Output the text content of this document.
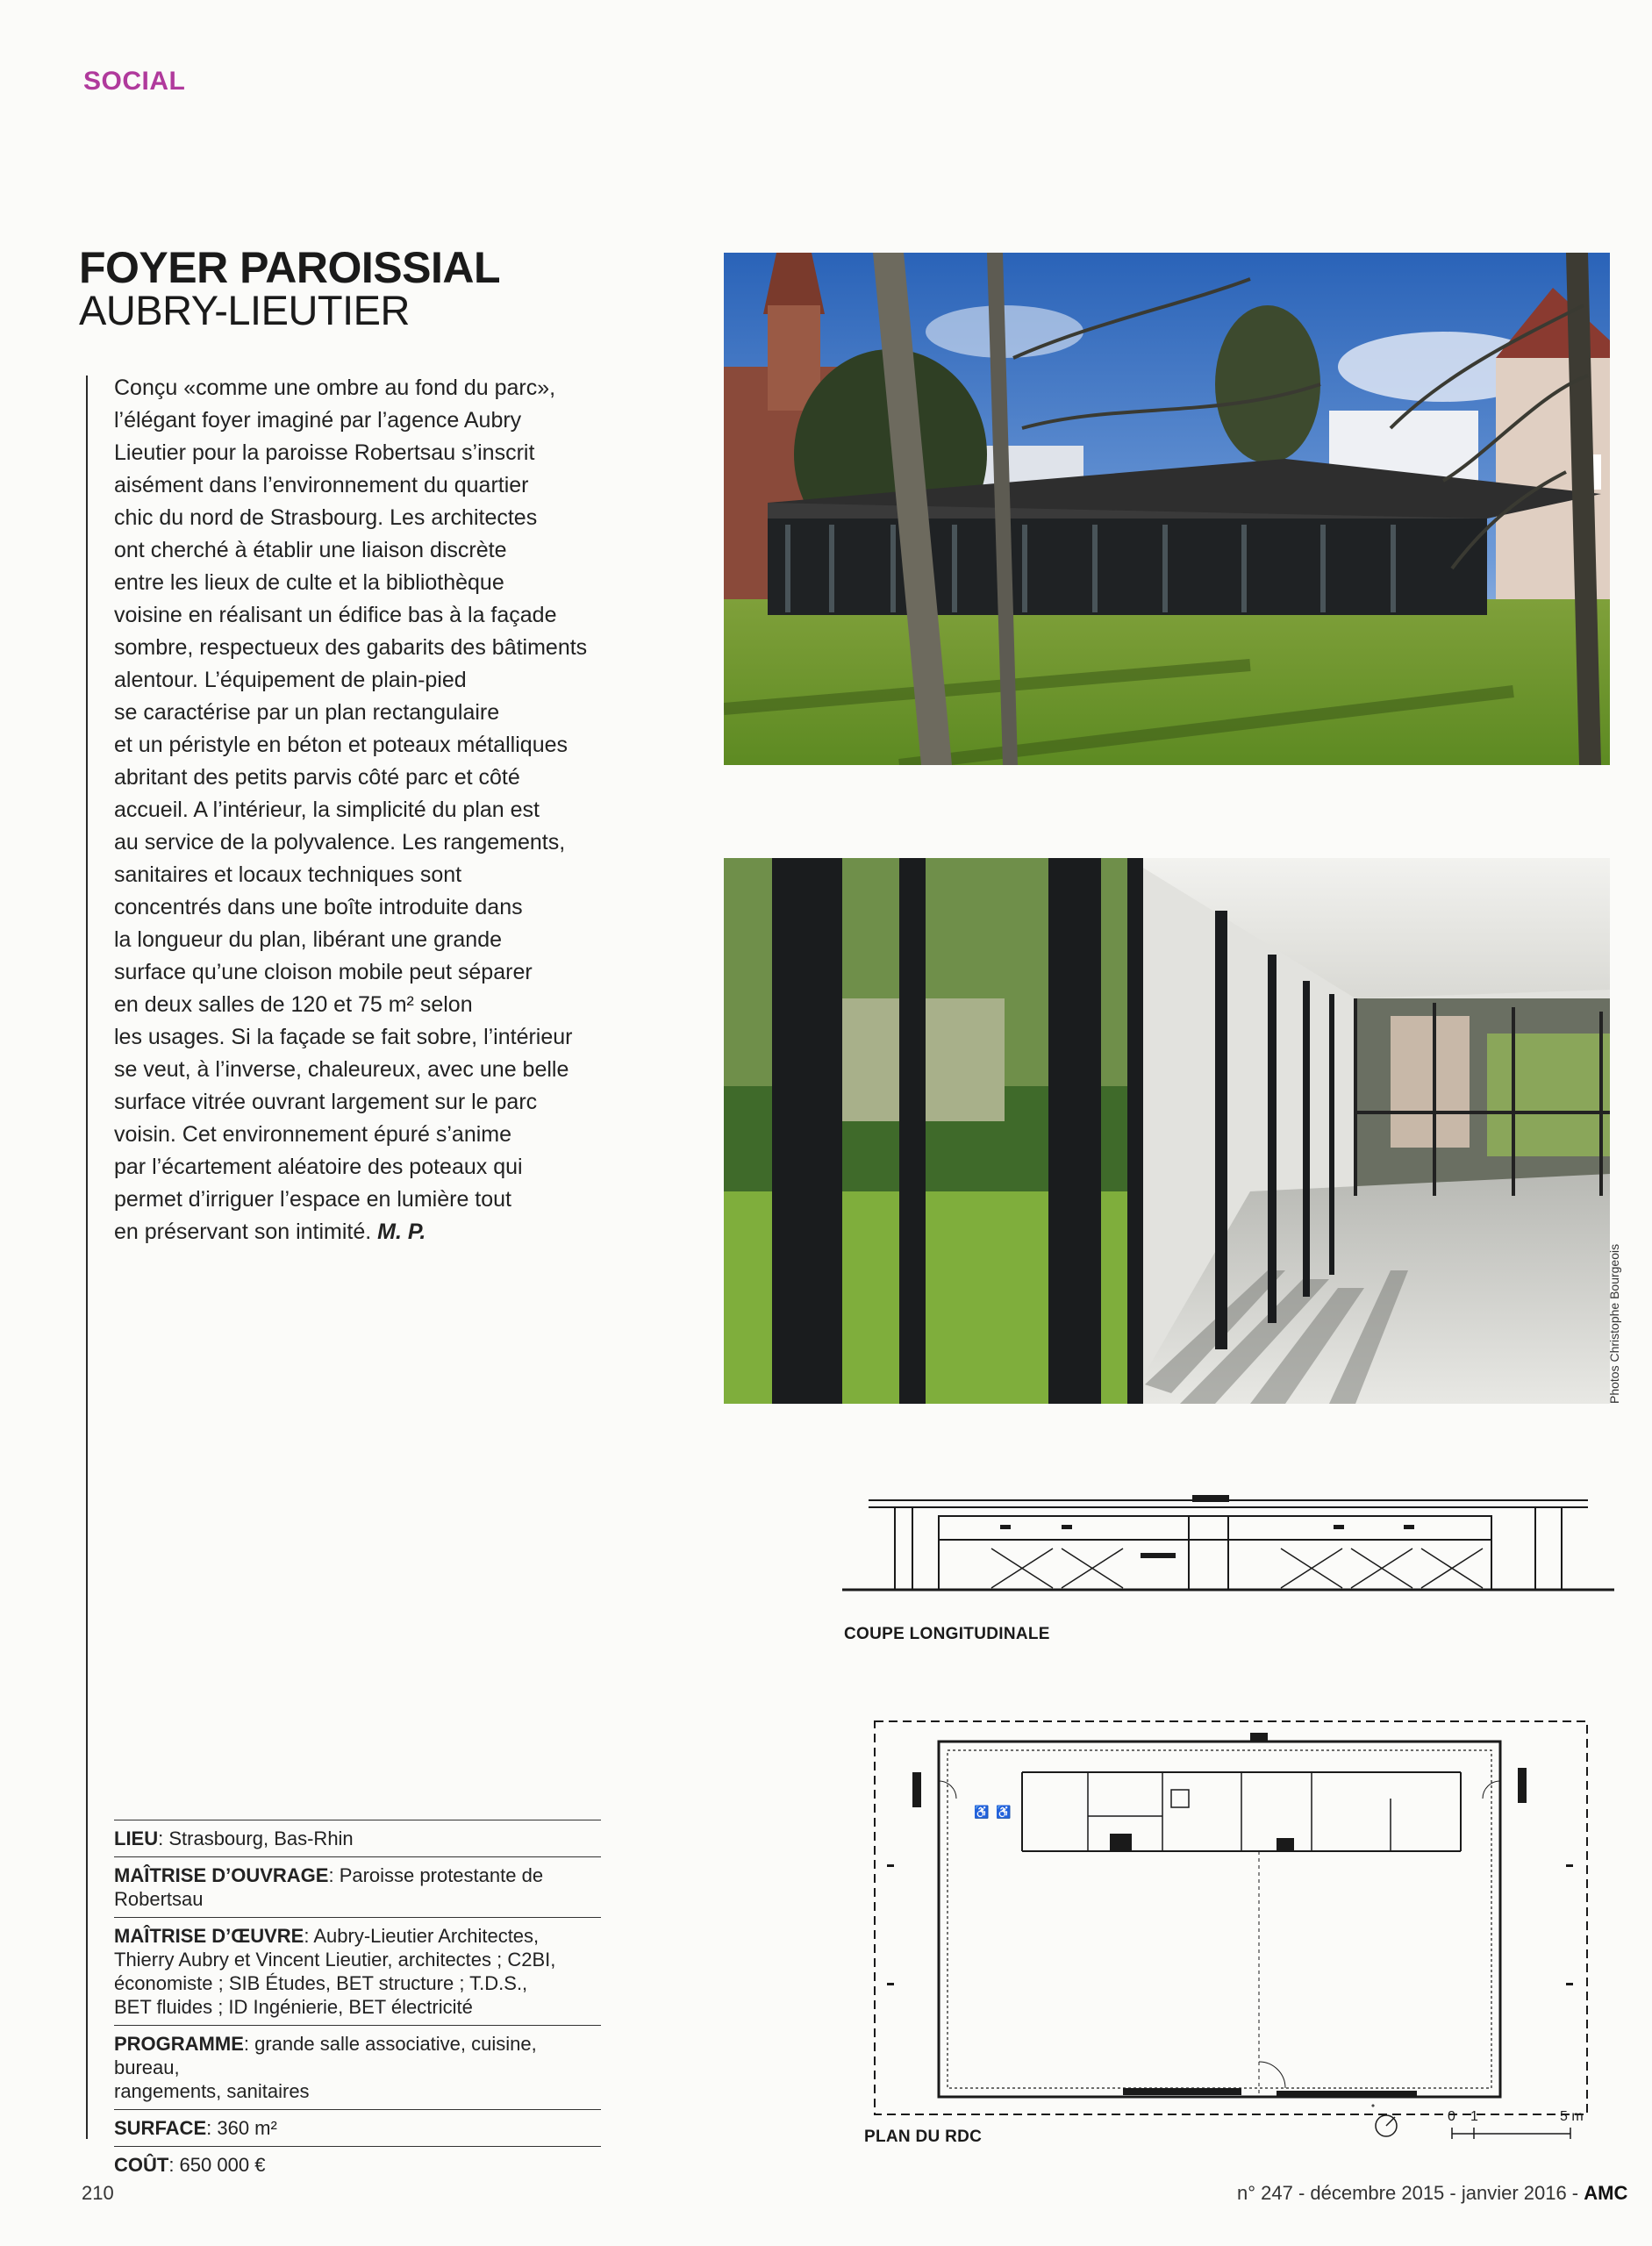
SOCIAL
FOYER PAROISSIAL
AUBRY-LIEUTIER
Conçu «comme une ombre au fond du parc»,
l’élégant foyer imaginé par l’agence Aubry
Lieutier pour la paroisse Robertsau s’inscrit
aisément dans l’environnement du quartier
chic du nord de Strasbourg. Les architectes
ont cherché à établir une liaison discrète
entre les lieux de culte et la bibliothèque
voisine en réalisant un édifice bas à la façade
sombre, respectueux des gabarits des bâtiments
alentour. L’équipement de plain-pied
se caractérise par un plan rectangulaire
et un péristyle en béton et poteaux métalliques
abritant des petits parvis côté parc et côté
accueil. A l’intérieur, la simplicité du plan est
au service de la polyvalence. Les rangements,
sanitaires et locaux techniques sont
concentrés dans une boîte introduite dans
la longueur du plan, libérant une grande
surface qu’une cloison mobile peut séparer
en deux salles de 120 et 75 m² selon
les usages. Si la façade se fait sobre, l’intérieur
se veut, à l’inverse, chaleureux, avec une belle
surface vitrée ouvrant largement sur le parc
voisin. Cet environnement épuré s’anime
par l’écartement aléatoire des poteaux qui
permet d’irriguer l’espace en lumière tout
en préservant son intimité. M. P.
LIEU: Strasbourg, Bas-Rhin
MAÎTRISE D’OUVRAGE: Paroisse protestante de Robertsau
MAÎTRISE D’ŒUVRE: Aubry-Lieutier Architectes,
Thierry Aubry et Vincent Lieutier, architectes ; C2BI,
économiste ; SIB Études, BET structure ; T.D.S.,
BET fluides ; ID Ingénierie, BET électricité
PROGRAMME: grande salle associative, cuisine, bureau,
rangements, sanitaires
SURFACE: 360 m²
COÛT: 650 000 €
Photos Christophe Bourgeois
COUPE LONGITUDINALE
♿ ♿
PLAN DU RDC
0 1	5 m
210	n° 247 - décembre 2015 - janvier 2016 - AMC
